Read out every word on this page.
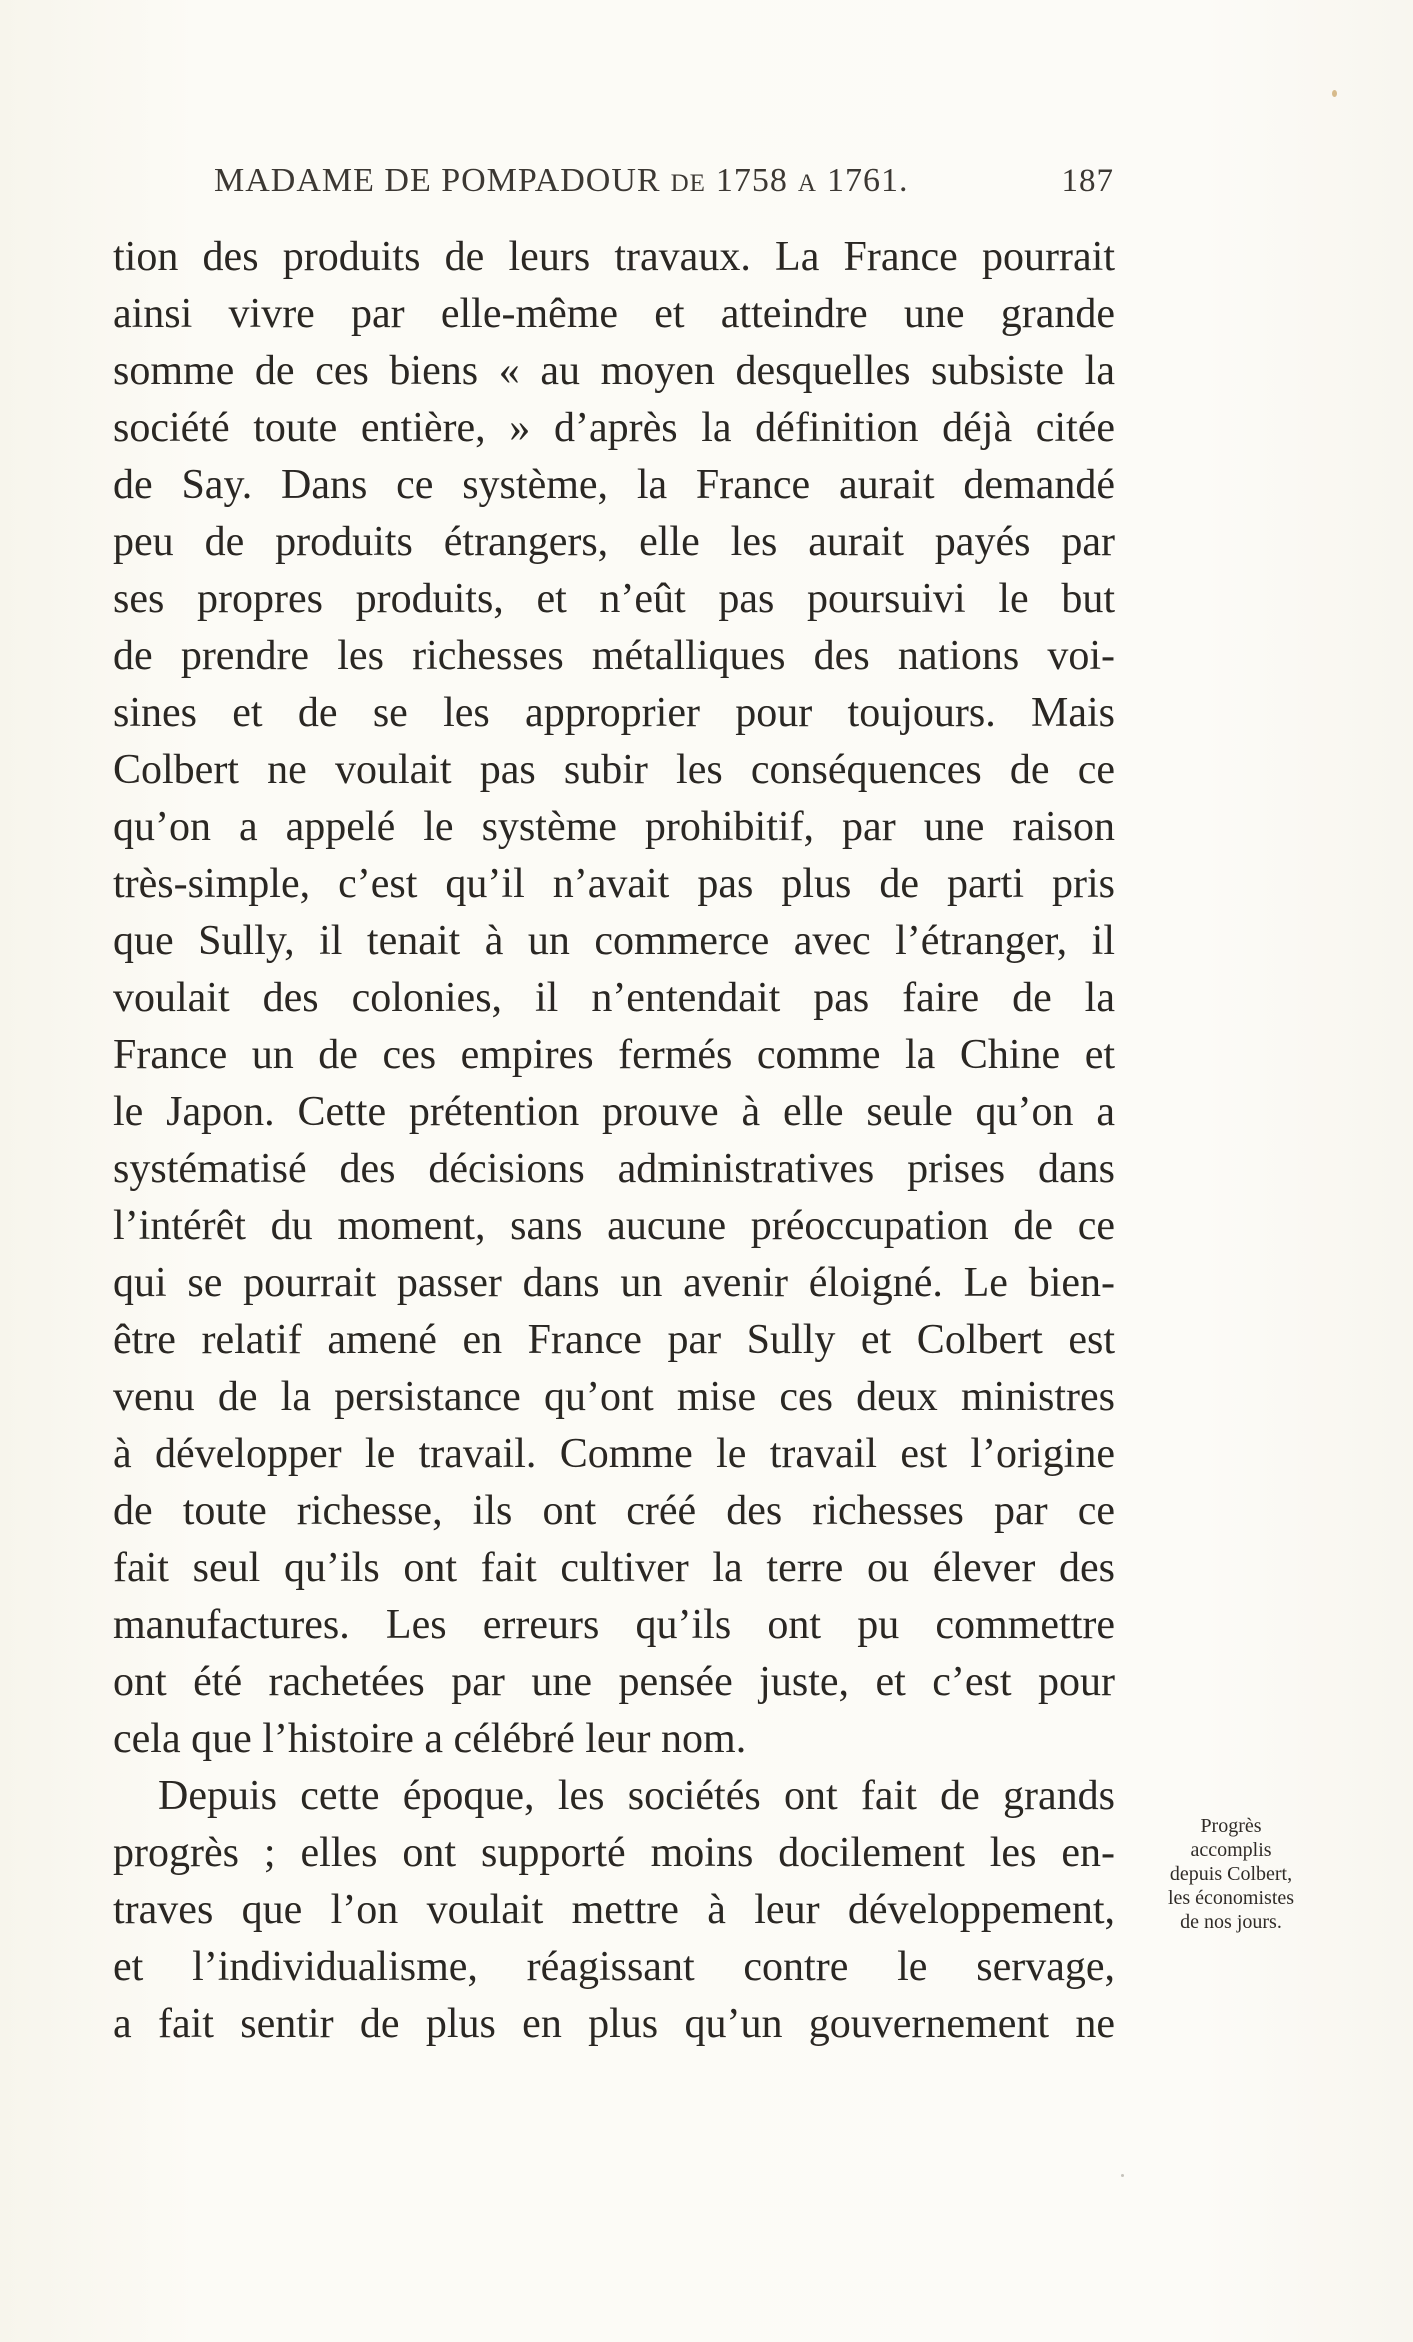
MADAME DE POMPADOUR DE 1758 A 1761.	187
tion des produits de leurs travaux. La France pourrait
ainsi vivre par elle-même et atteindre une grande
somme de ces biens « au moyen desquelles subsiste la
société toute entière, » d’après la définition déjà citée
de Say. Dans ce système, la France aurait demandé
peu de produits étrangers, elle les aurait payés par
ses propres produits, et n’eût pas poursuivi le but
de prendre les richesses métalliques des nations voi-
sines et de se les approprier pour toujours. Mais
Colbert ne voulait pas subir les conséquences de ce
qu’on a appelé le système prohibitif, par une raison
très-simple, c’est qu’il n’avait pas plus de parti pris
que Sully, il tenait à un commerce avec l’étranger, il
voulait des colonies, il n’entendait pas faire de la
France un de ces empires fermés comme la Chine et
le Japon. Cette prétention prouve à elle seule qu’on a
systématisé des décisions administratives prises dans
l’intérêt du moment, sans aucune préoccupation de ce
qui se pourrait passer dans un avenir éloigné. Le bien-
être relatif amené en France par Sully et Colbert est
venu de la persistance qu’ont mise ces deux ministres
à développer le travail. Comme le travail est l’origine
de toute richesse, ils ont créé des richesses par ce
fait seul qu’ils ont fait cultiver la terre ou élever des
manufactures. Les erreurs qu’ils ont pu commettre
ont été rachetées par une pensée juste, et c’est pour
cela que l’histoire a célébré leur nom.
Depuis cette époque, les sociétés ont fait de grands
progrès ; elles ont supporté moins docilement les en-
traves que l’on voulait mettre à leur développement,
et l’individualisme, réagissant contre le servage,
a fait sentir de plus en plus qu’un gouvernement ne
Progrès
accomplis
depuis Colbert,
les économistes
de nos jours.
